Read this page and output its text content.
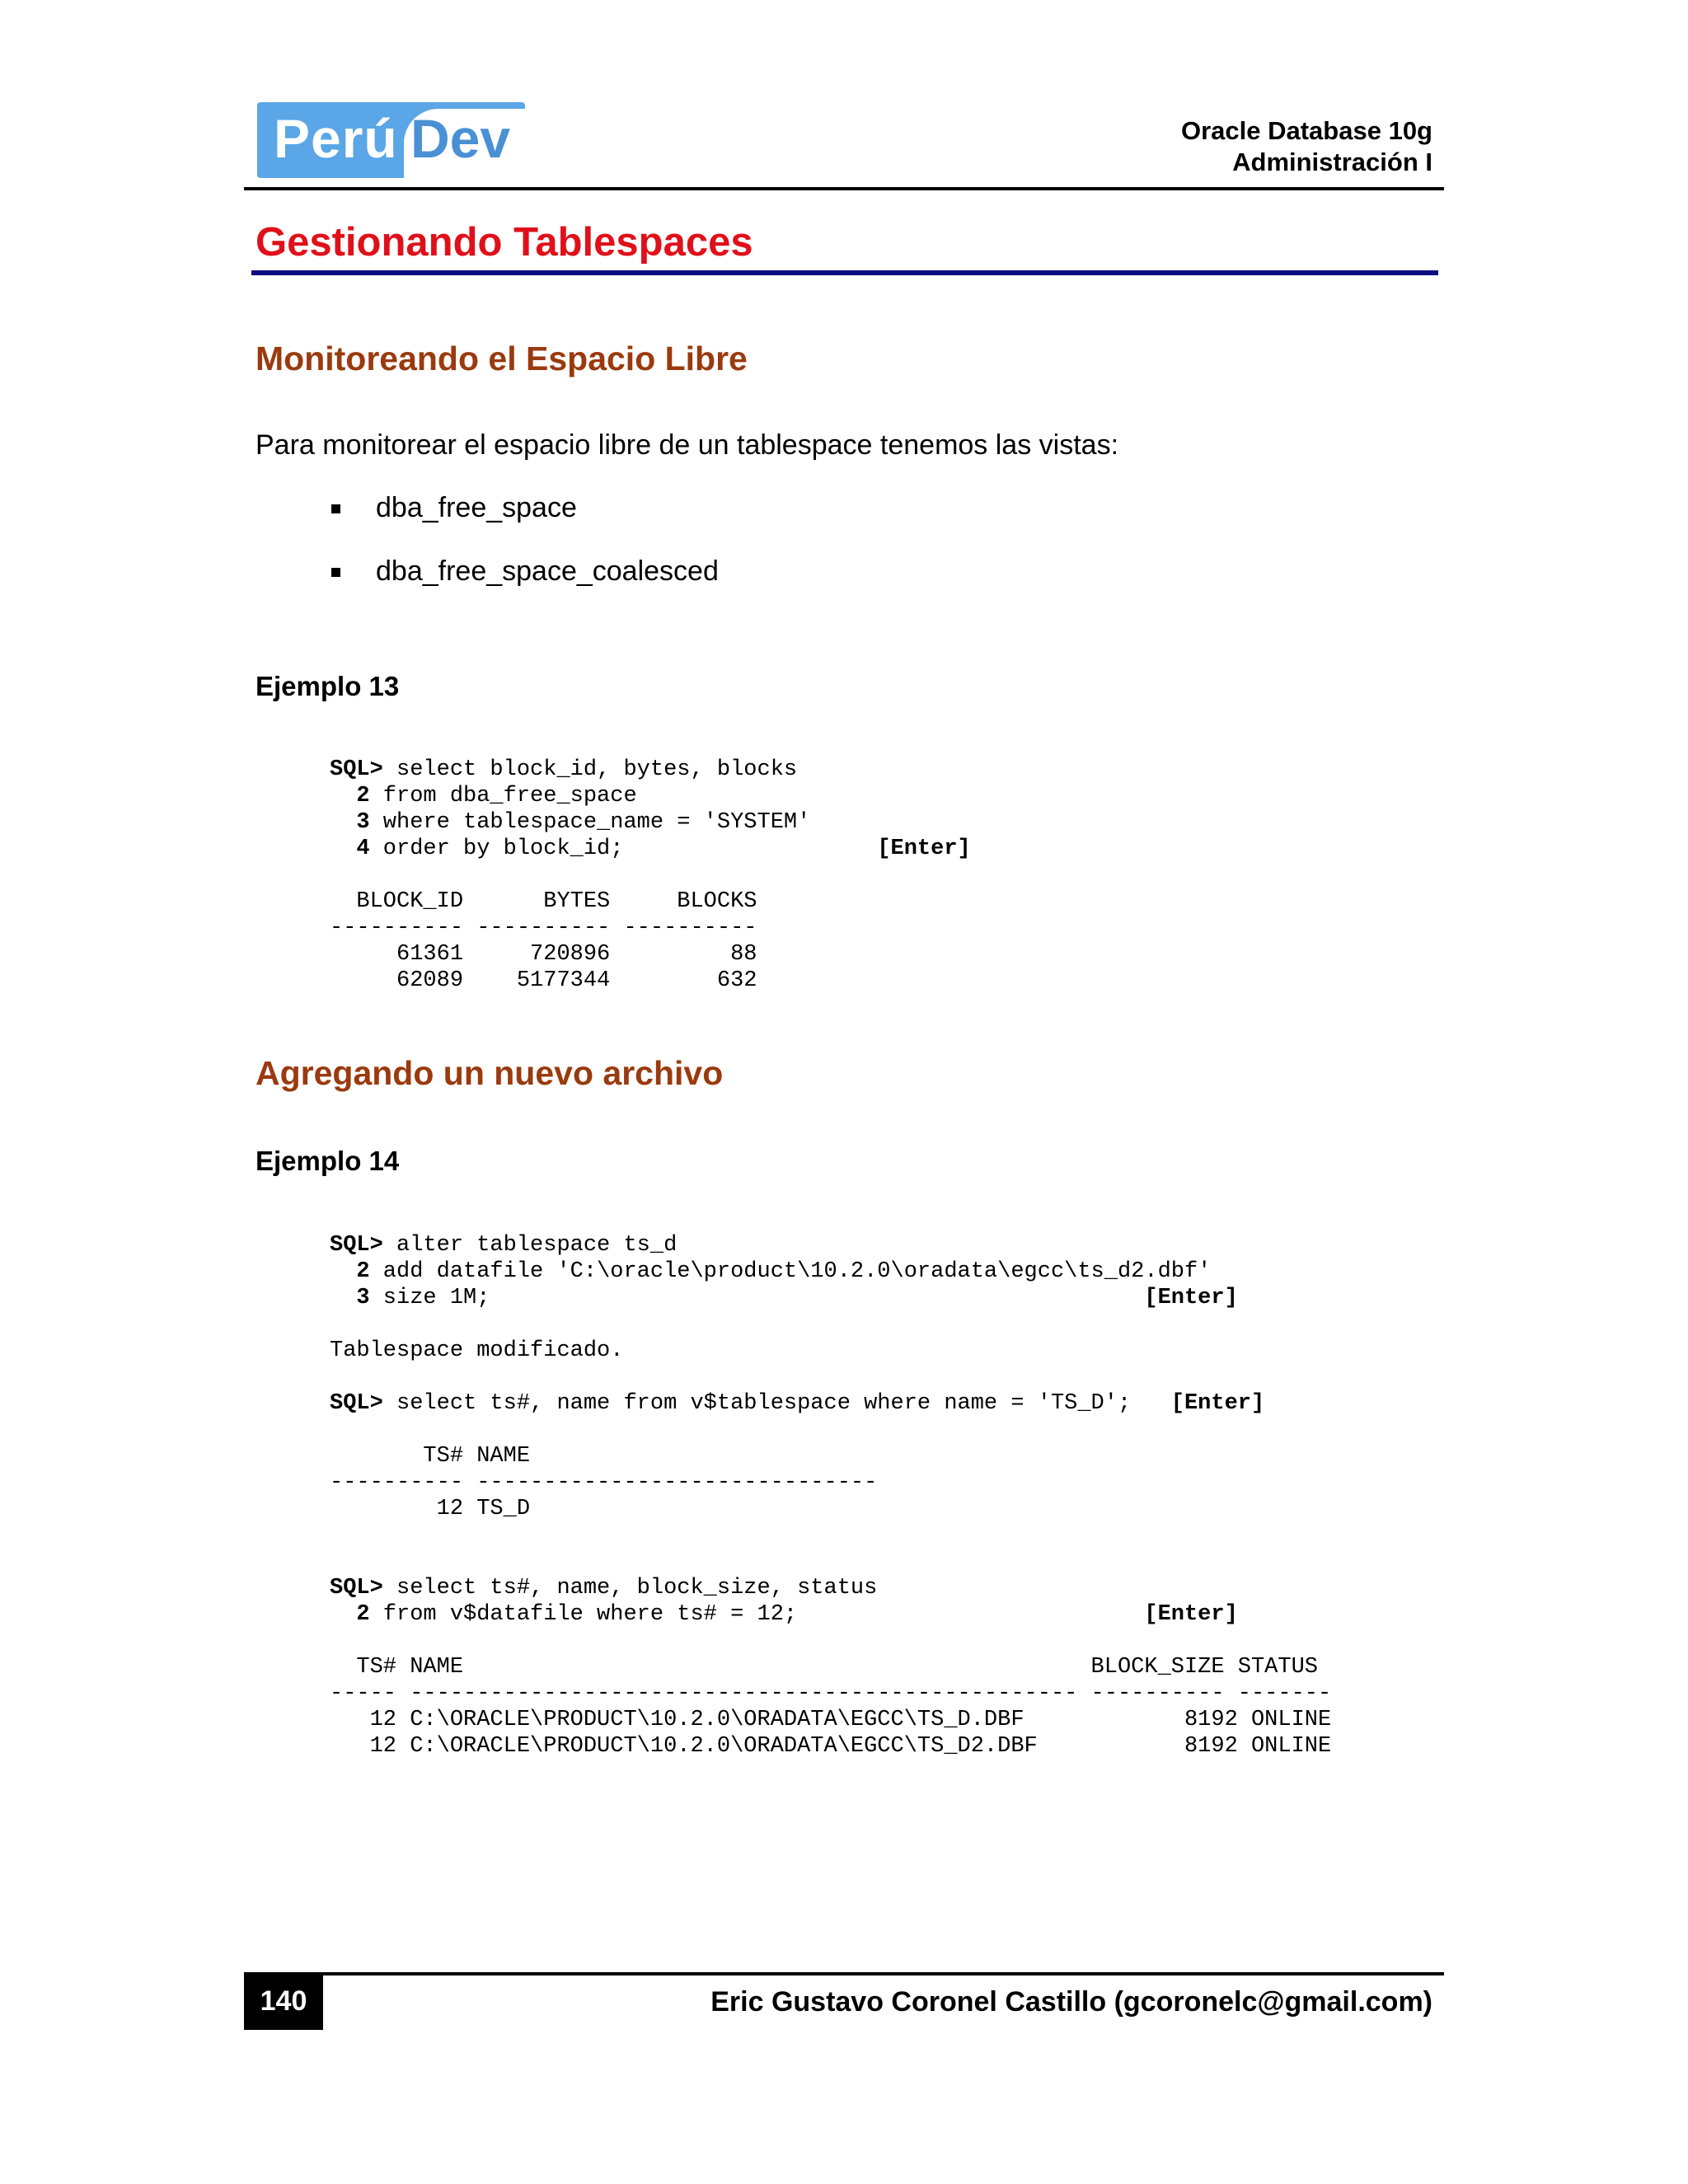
Perú Dev	Oracle Database 10g
Administración I
Gestionando Tablespaces
Monitoreando el Espacio Libre
Para monitorear el espacio libre de un tablespace tenemos las vistas:
dba_free_space
dba_free_space_coalesced
Ejemplo 13
SQL> select block_id, bytes, blocks
2 from dba_free_space
3 where tablespace_name = 'SYSTEM'
4 order by block_id;                   [Enter]

BLOCK_ID      BYTES     BLOCKS
---------- ---------- ----------
61361     720896         88
62089    5177344        632
Agregando un nuevo archivo
Ejemplo 14
SQL> alter tablespace ts_d
2 add datafile 'C:\oracle\product\10.2.0\oradata\egcc\ts_d2.dbf'
3 size 1M;                                                 [Enter]

Tablespace modificado.

SQL> select ts#, name from v$tablespace where name = 'TS_D';   [Enter]

TS# NAME
---------- ------------------------------
12 TS_D

SQL> select ts#, name, block_size, status
2 from v$datafile where ts# = 12;                          [Enter]

TS# NAME                                               BLOCK_SIZE STATUS
----- -------------------------------------------------- ---------- -------
12 C:\ORACLE\PRODUCT\10.2.0\ORADATA\EGCC\TS_D.DBF            8192 ONLINE
12 C:\ORACLE\PRODUCT\10.2.0\ORADATA\EGCC\TS_D2.DBF           8192 ONLINE
140	Eric Gustavo Coronel Castillo (gcoronelc@gmail.com)
